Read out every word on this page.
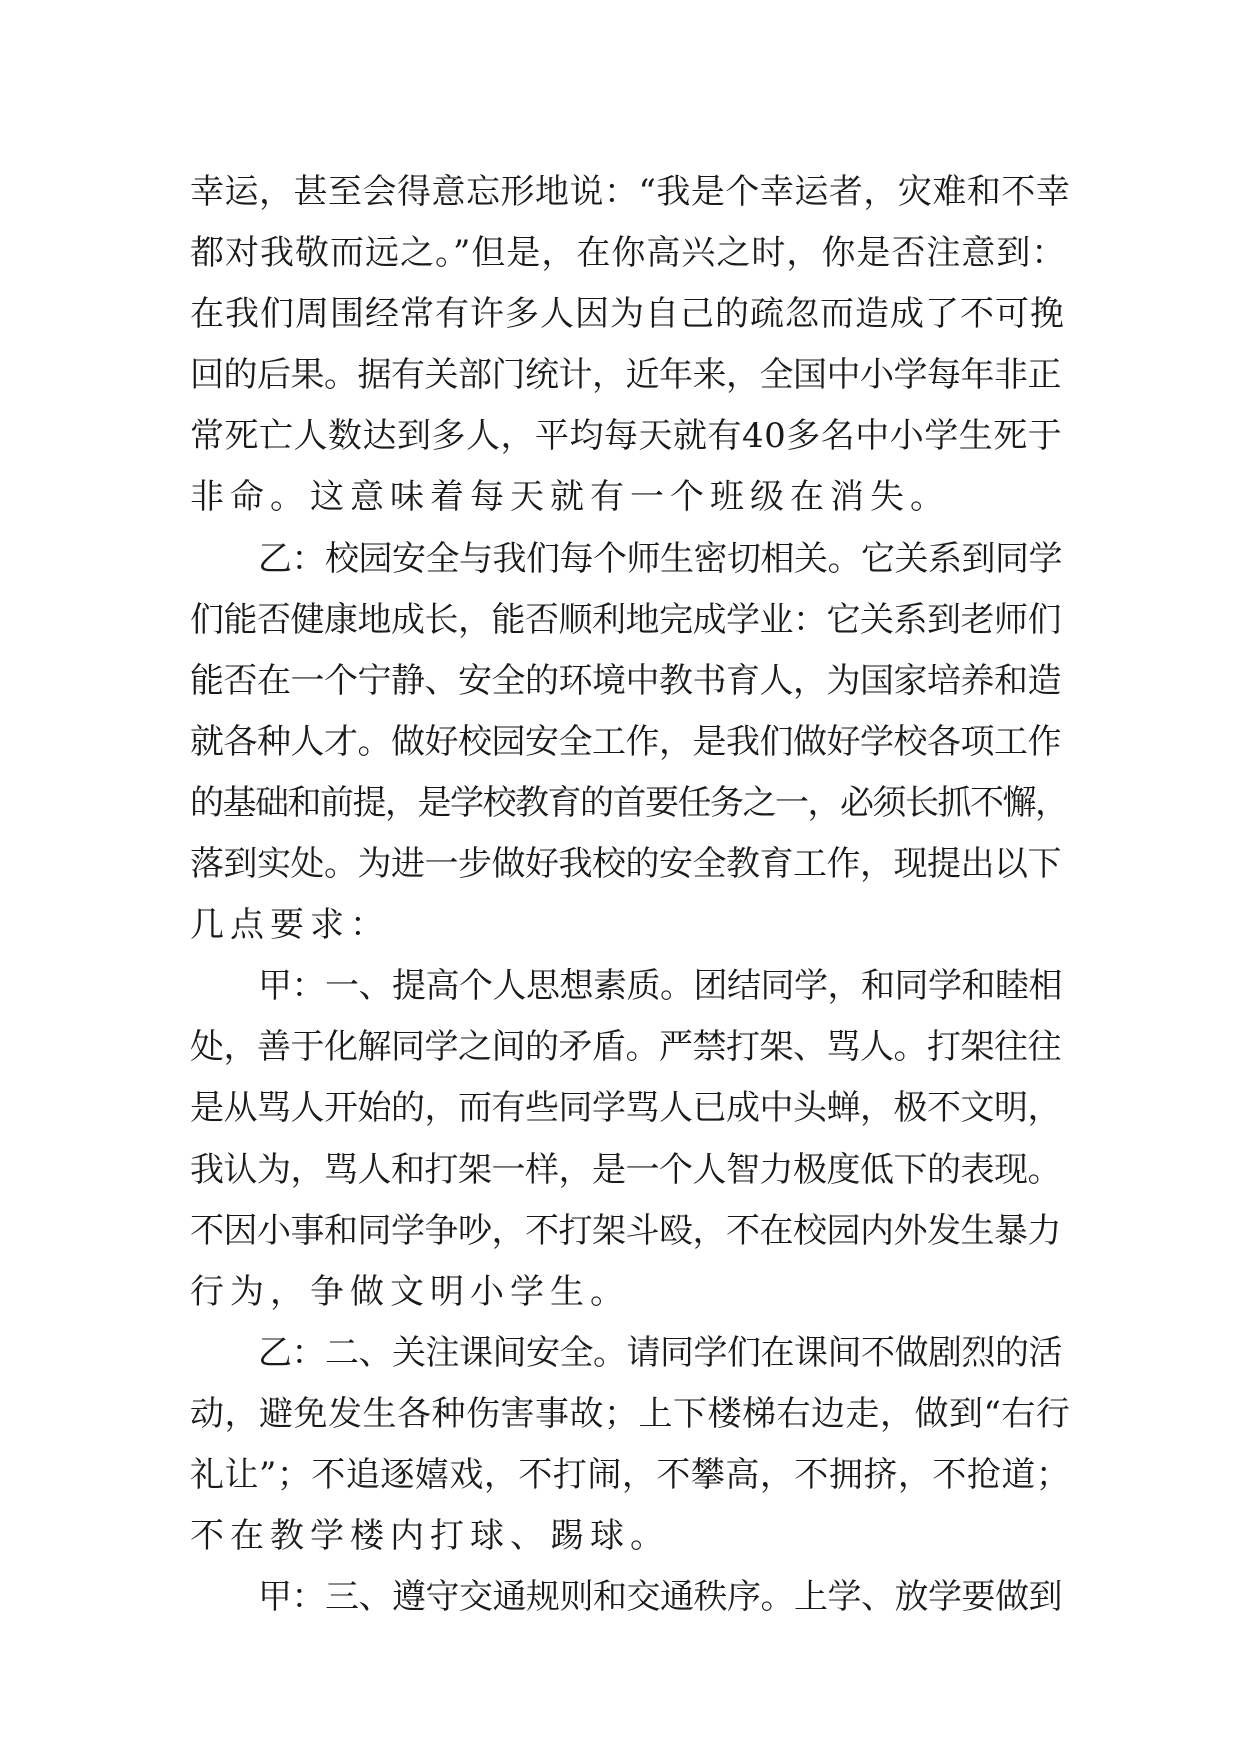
幸运，甚至会得意忘形地说：“我是个幸运者，灾难和不幸
都对我敬而远之。”但是，在你高兴之时，你是否注意到：
在我们周围经常有许多人因为自己的疏忽而造成了不可挽
回的后果。据有关部门统计，近年来，全国中小学每年非正
常死亡人数达到多人，平均每天就有40多名中小学生死于
非命。这意味着每天就有一个班级在消失。
乙：校园安全与我们每个师生密切相关。它关系到同学
们能否健康地成长，能否顺利地完成学业：它关系到老师们
能否在一个宁静、安全的环境中教书育人，为国家培养和造
就各种人才。做好校园安全工作，是我们做好学校各项工作
的基础和前提，是学校教育的首要任务之一，必须长抓不懈，
落到实处。为进一步做好我校的安全教育工作，现提出以下
几点要求：
甲：一、提高个人思想素质。团结同学，和同学和睦相
处，善于化解同学之间的矛盾。严禁打架、骂人。打架往往
是从骂人开始的，而有些同学骂人已成中头蝉，极不文明，
我认为，骂人和打架一样，是一个人智力极度低下的表现。
不因小事和同学争吵，不打架斗殴，不在校园内外发生暴力
行为，争做文明小学生。
乙：二、关注课间安全。请同学们在课间不做剧烈的活
动，避免发生各种伤害事故；上下楼梯右边走，做到“右行
礼让”；不追逐嬉戏，不打闹，不攀高，不拥挤，不抢道；
不在教学楼内打球、踢球。
甲：三、遵守交通规则和交通秩序。上学、放学要做到
